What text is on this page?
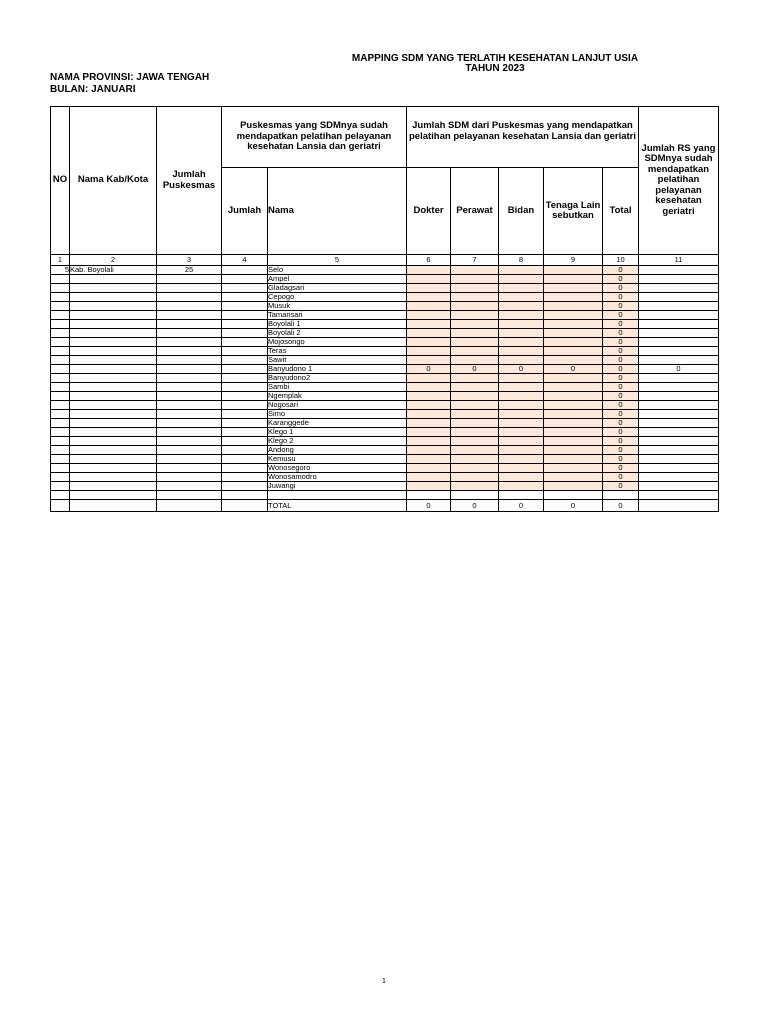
MAPPING SDM YANG TERLATIH KESEHATAN LANJUT USIA
TAHUN 2023
NAMA PROVINSI: JAWA TENGAH
BULAN: JANUARI
NO	Nama Kab/Kota	Jumlah Puskesmas	Puskesmas yang SDMnya sudah mendapatkan pelatihan pelayanan kesehatan Lansia dan geriatri		Jumlah SDM dari Puskesmas yang mendapatkan pelatihan pelayanan kesehatan Lansia dan geriatri					Jumlah RS yang SDMnya sudah mendapatkan pelatihan pelayanan kesehatan geriatri
			Jumlah	Nama	Dokter	Perawat	Bidan	Tenaga Lain sebutkan	Total	
1	2	3	4	5	6	7	8	9	10	11
5	Kab. Boyolali	25		Selo					0	
				Ampel					0	
				Gladagsari					0	
				Cepogo					0	
				Musuk					0	
				Tamansari					0	
				Boyolali 1					0	
				Boyolali 2					0	
				Mojosongo					0	
				Teras					0	
				Sawit					0	
				Banyudono 1	0	0	0	0	0	0
				Banyudono2					0	
				Sambi					0	
				Ngemplak					0	
				Nogosari					0	
				Simo					0	
				Karanggede					0	
				Klego 1					0	
				Klego 2					0	
				Andong					0	
				Kemusu					0	
				Wonosegoro					0	
				Wonosamodro					0	
				Juwangi					0	

				TOTAL	0	0	0	0	0	
1
